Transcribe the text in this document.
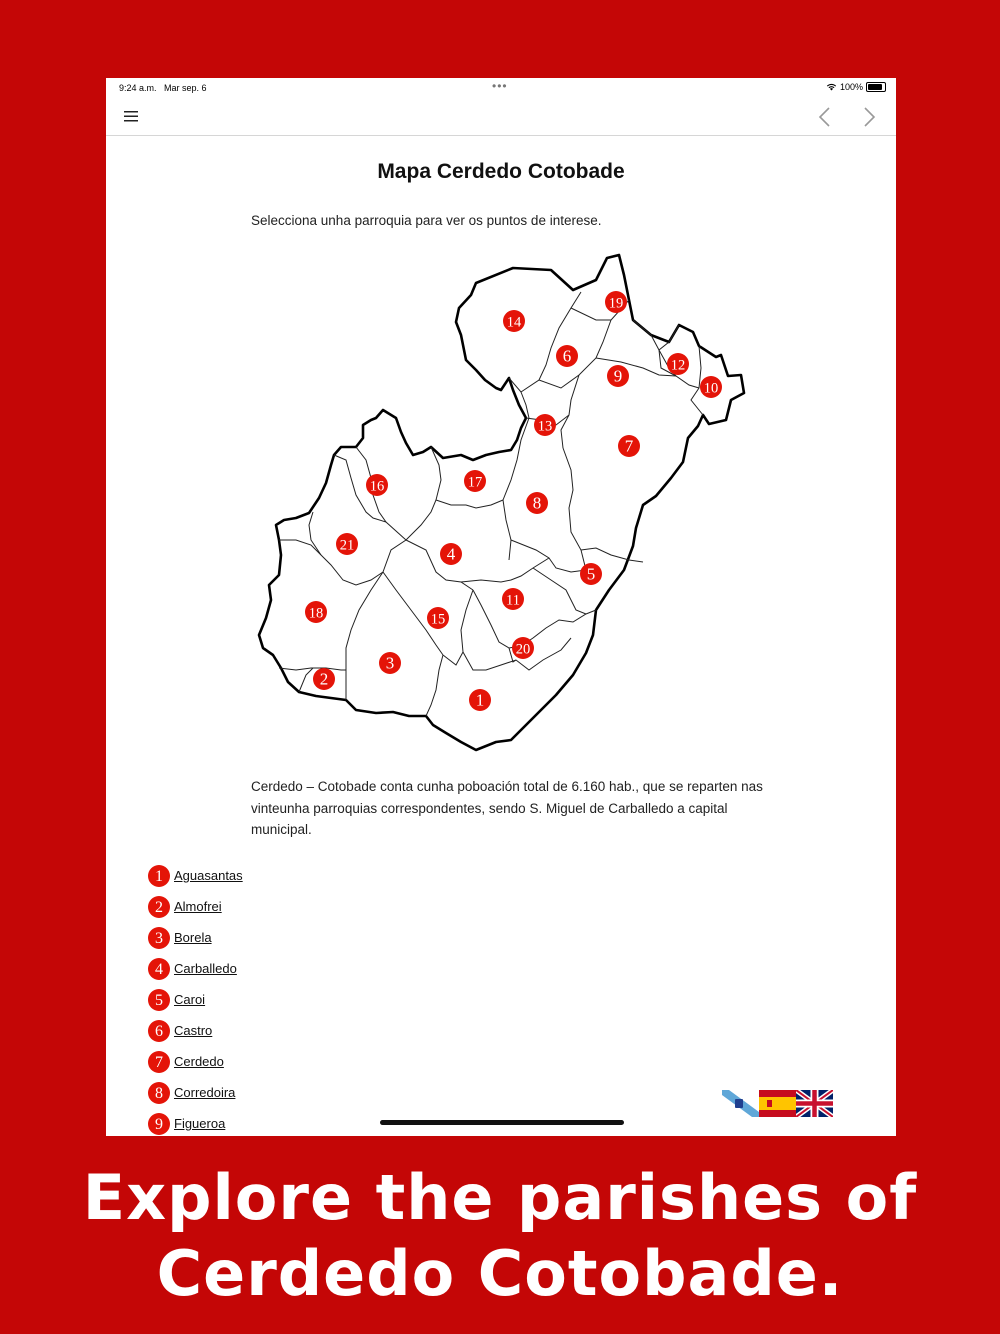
9:24 a.m. Mar sep. 6	•••	100%
Mapa Cerdedo Cotobade

Selecciona unha parroquia para ver os puntos de interese.

1
2
3
4
5
6
7
8
9
10
11
12
13
14
15
16	17
18
19
20
21

Cerdedo – Cotobade conta cunha poboación total de 6.160 hab., que se reparten nas vinteunha parroquias correspondentes, sendo S. Miguel de Carballedo a capital municipal.

1 Aguasantas
2 Almofrei
3 Borela
4 Carballedo
5 Caroi
6 Castro
7 Cerdedo
8 Corredoira
9 Figueroa
Explore the parishes of
Cerdedo Cotobade.
